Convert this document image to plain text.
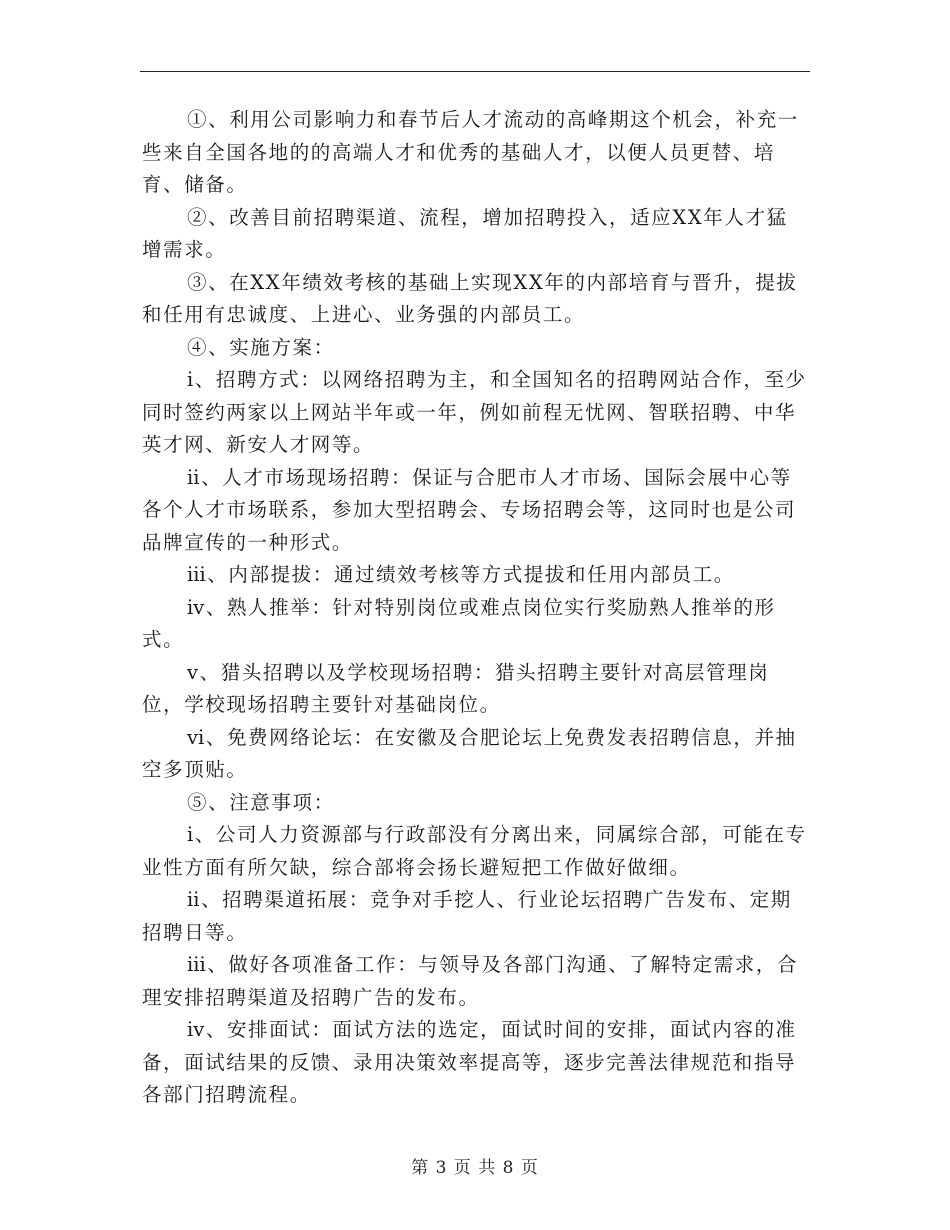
①、利用公司影响力和春节后人才流动的高峰期这个机会，补充一些来自全国各地的的高端人才和优秀的基础人才，以便人员更替、培育、储备。

②、改善目前招聘渠道、流程，增加招聘投入，适应XX年人才猛增需求。

③、在XX年绩效考核的基础上实现XX年的内部培育与晋升，提拔和任用有忠诚度、上进心、业务强的内部员工。

④、实施方案：

ⅰ、招聘方式：以网络招聘为主，和全国知名的招聘网站合作，至少同时签约两家以上网站半年或一年，例如前程无忧网、智联招聘、中华英才网、新安人才网等。

ⅱ、人才市场现场招聘：保证与合肥市人才市场、国际会展中心等各个人才市场联系，参加大型招聘会、专场招聘会等，这同时也是公司品牌宣传的一种形式。

ⅲ、内部提拔：通过绩效考核等方式提拔和任用内部员工。

ⅳ、熟人推举：针对特别岗位或难点岗位实行奖励熟人推举的形式。

ⅴ、猎头招聘以及学校现场招聘：猎头招聘主要针对高层管理岗位，学校现场招聘主要针对基础岗位。

ⅵ、免费网络论坛：在安徽及合肥论坛上免费发表招聘信息，并抽空多顶贴。

⑤、注意事项：

ⅰ、公司人力资源部与行政部没有分离出来，同属综合部，可能在专业性方面有所欠缺，综合部将会扬长避短把工作做好做细。

ⅱ、招聘渠道拓展：竞争对手挖人、行业论坛招聘广告发布、定期招聘日等。

ⅲ、做好各项准备工作：与领导及各部门沟通、了解特定需求，合理安排招聘渠道及招聘广告的发布。

ⅳ、安排面试：面试方法的选定，面试时间的安排，面试内容的准备，面试结果的反馈、录用决策效率提高等，逐步完善法律规范和指导各部门招聘流程。

第 3 页 共 8 页
